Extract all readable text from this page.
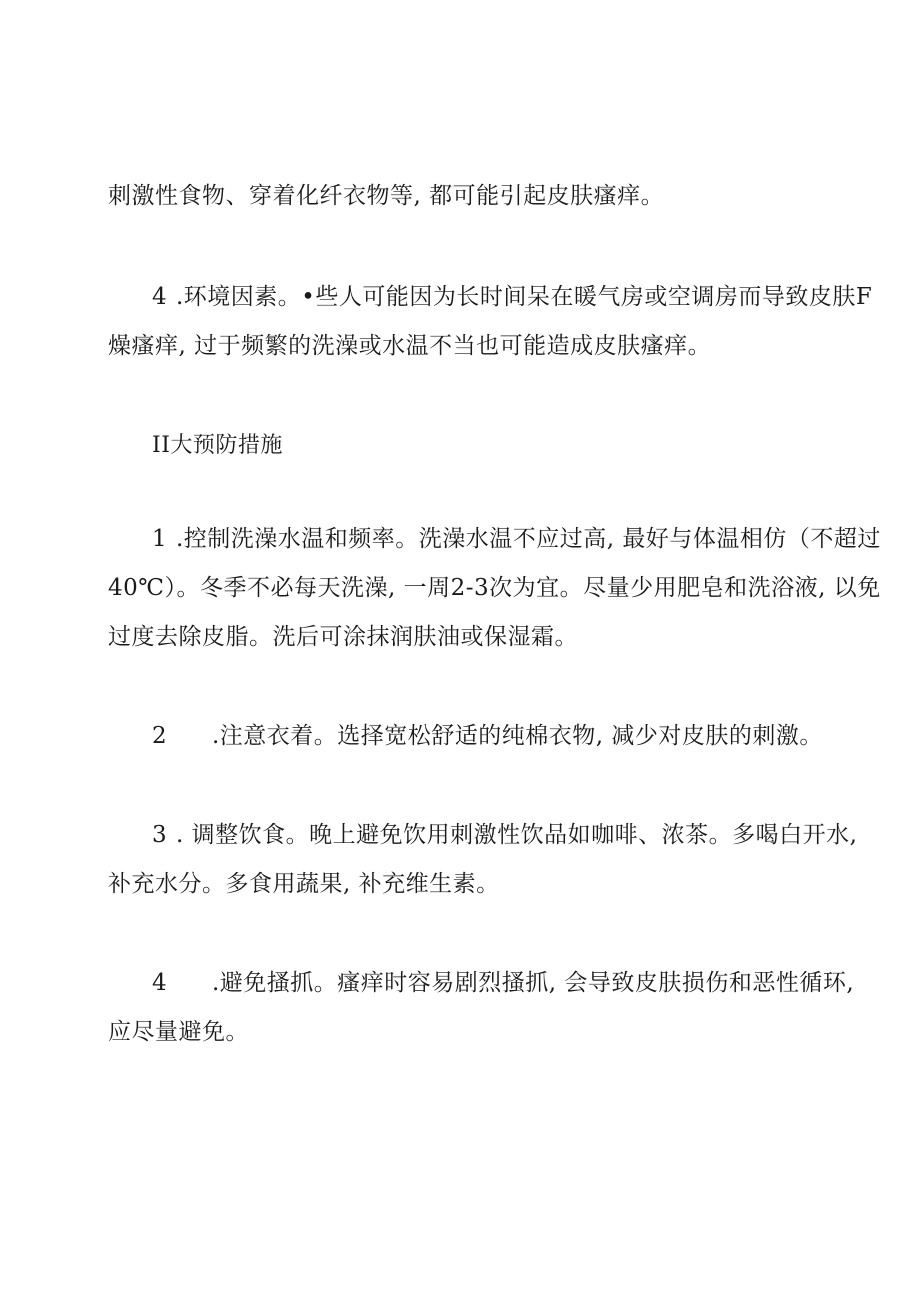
刺激性食物、穿着化纤衣物等, 都可能引起皮肤瘙痒。
4 .环境因素。•些人可能因为长时间呆在暖气房或空调房而导致皮肤F
燥瘙痒, 过于频繁的洗澡或水温不当也可能造成皮肤瘙痒。
II大预防措施
1 .控制洗澡水温和频率。洗澡水温不应过高, 最好与体温相仿（不超过
40℃）。冬季不必每天洗澡, 一周2-3次为宜。尽量少用肥皂和洗浴液, 以免
过度去除皮脂。洗后可涂抹润肤油或保湿霜。
2 .注意衣着。选择宽松舒适的纯棉衣物, 减少对皮肤的刺激。
3 . 调整饮食。晚上避免饮用刺激性饮品如咖啡、浓茶。多喝白开水,
补充水分。多食用蔬果, 补充维生素。
4 .避免搔抓。瘙痒时容易剧烈搔抓, 会导致皮肤损伤和恶性循环,
应尽量避免。
